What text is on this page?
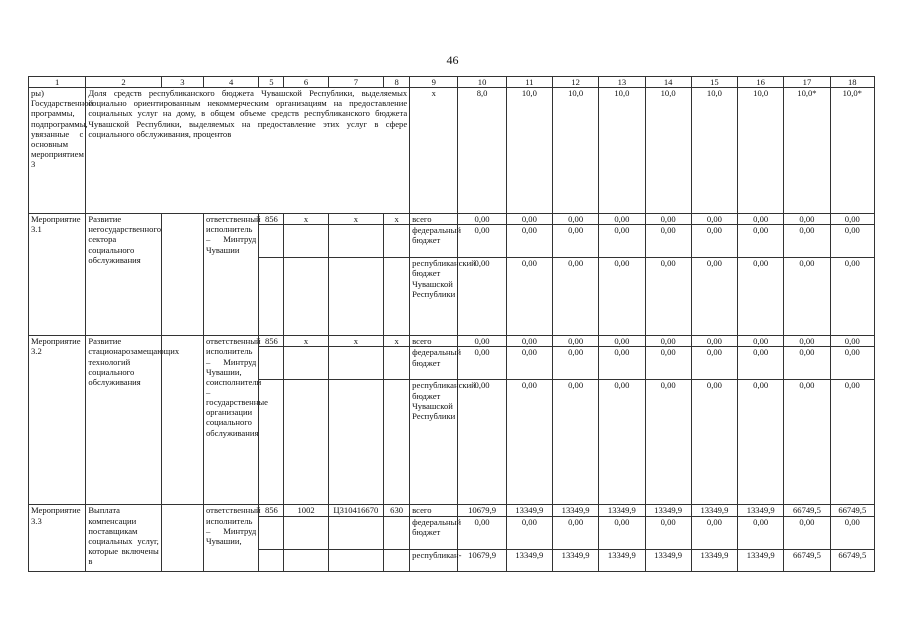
46
1	2	3	4	5	6	7	8	9	10	11	12	13	14	15	16	17	18
ры) Государственной программы, подпрограммы, увязанные с основным мероприятием 3	Доля средств республиканского бюджета Чувашской Республики, выделяемых социально ориентированным некоммерческим организациям на предоставление социальных услуг на дому, в общем объеме средств республиканского бюджета Чувашской Республики, выделяемых на предоставление этих услуг в сфере социального обслуживания, процентов							x	8,0	10,0	10,0	10,0	10,0	10,0	10,0	10,0*	10,0*
Мероприятие 3.1	Развитие негосударственного сектора социального обслуживания		ответственный исполнитель – Минтруд Чувашии	856	x	x	x	всего	0,00	0,00	0,00	0,00	0,00	0,00	0,00	0,00	0,00
								федеральный бюджет	0,00	0,00	0,00	0,00	0,00	0,00	0,00	0,00	0,00
								республиканский бюджет Чувашской Республики	0,00	0,00	0,00	0,00	0,00	0,00	0,00	0,00	0,00
Мероприятие 3.2	Развитие стационарозамещающих технологий социального обслуживания		ответственный исполнитель – Минтруд Чувашии, соисполнители – государственные организации социального обслуживания	856	x	x	x	всего	0,00	0,00	0,00	0,00	0,00	0,00	0,00	0,00	0,00
								федеральный бюджет	0,00	0,00	0,00	0,00	0,00	0,00	0,00	0,00	0,00
								республиканский бюджет Чувашской Республики	0,00	0,00	0,00	0,00	0,00	0,00	0,00	0,00	0,00
Мероприятие 3.3	Выплата компенсации поставщикам социальных услуг, которые включены в		ответственный исполнитель – Минтруд Чувашии,	856	1002	Ц310416670	630	всего	10679,9	13349,9	13349,9	13349,9	13349,9	13349,9	13349,9	66749,5	66749,5
								федеральный бюджет	0,00	0,00	0,00	0,00	0,00	0,00	0,00	0,00	0,00
								республикан-	10679,9	13349,9	13349,9	13349,9	13349,9	13349,9	13349,9	66749,5	66749,5
